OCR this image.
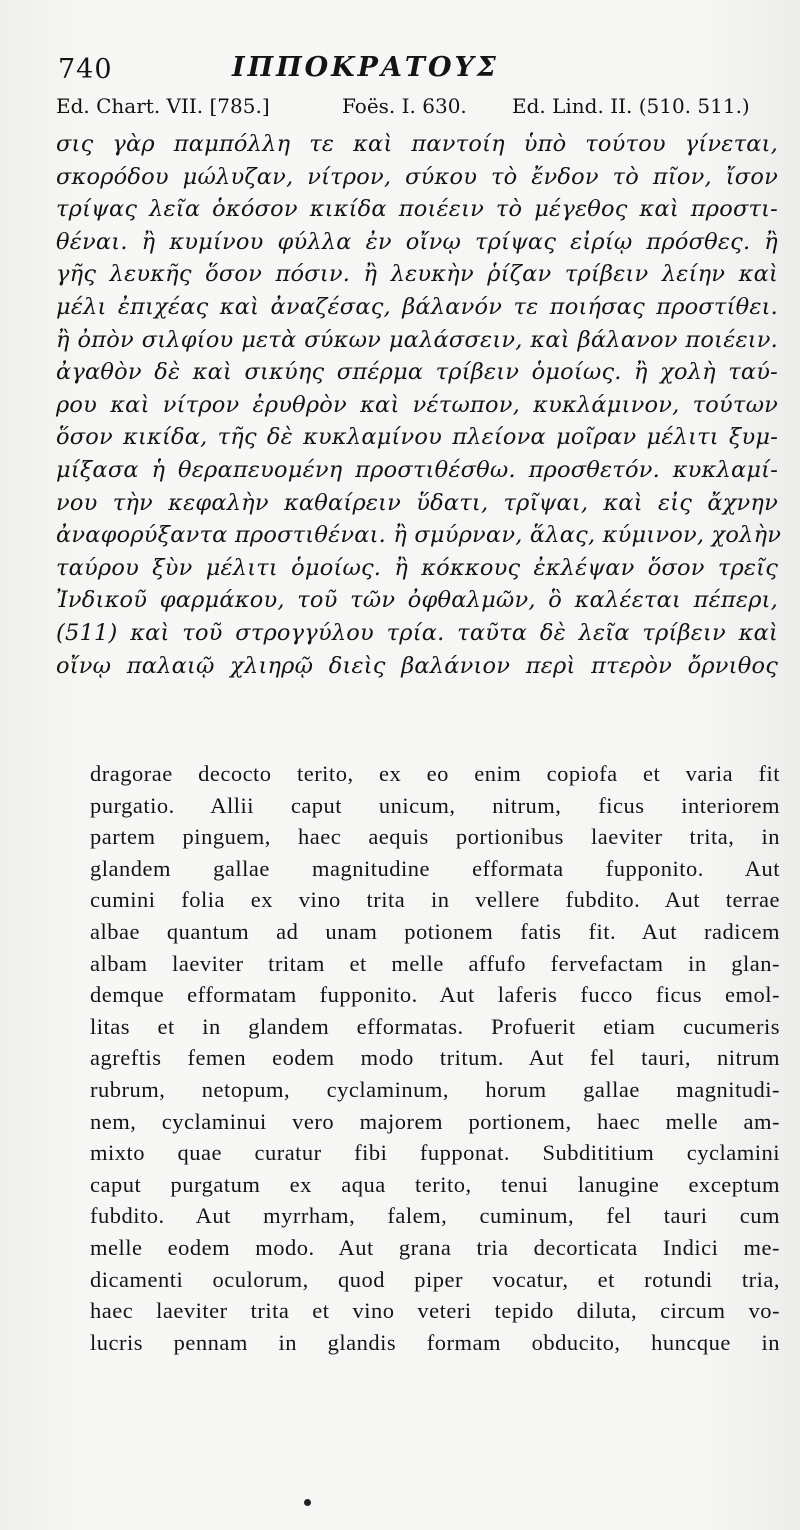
740	ΙΠΠΟΚΡΑΤΟΥΣ
Ed. Chart. VII. [785.]	Foës. I. 630. Ed. Lind. II. (510. 511.)
σις γὰρ παμπόλλη τε καὶ παντοίη ὑπὸ τούτου γίνεται,
σκορόδου μώλυζαν, νίτρον, σύκου τὸ ἔνδον τὸ πῖον, ἴσον
τρίψας λεῖα ὁκόσον κικίδα ποιέειν τὸ μέγεθος καὶ προστι-
θέναι. ἢ κυμίνου φύλλα ἐν οἴνῳ τρίψας εἰρίῳ πρόσθες. ἢ
γῆς λευκῆς ὅσον πόσιν. ἢ λευκὴν ῥίζαν τρίβειν λείην καὶ
μέλι ἐπιχέας καὶ ἀναζέσας, βάλανόν τε ποιήσας προστίθει.
ἢ ὀπὸν σιλφίου μετὰ σύκων μαλάσσειν, καὶ βάλανον ποιέειν.
ἀγαθὸν δὲ καὶ σικύης σπέρμα τρίβειν ὁμοίως. ἢ χολὴ ταύ-
ρου καὶ νίτρον ἐρυθρὸν καὶ νέτωπον, κυκλάμινον, τούτων
ὅσον κικίδα, τῆς δὲ κυκλαμίνου πλείονα μοῖραν μέλιτι ξυμ-
μίξασα ἡ θεραπευομένη προστιθέσθω. προσθετόν. κυκλαμί-
νου τὴν κεφαλὴν καθαίρειν ὕδατι, τρῖψαι, καὶ εἰς ἄχνην
ἀναφορύξαντα προστιθέναι. ἢ σμύρναν, ἅλας, κύμινον, χολὴν
ταύρου ξὺν μέλιτι ὁμοίως. ἢ κόκκους ἐκλέψαν ὅσον τρεῖς
Ἰνδικοῦ φαρμάκου, τοῦ τῶν ὀφθαλμῶν, ὃ καλέεται πέπερι,
(511) καὶ τοῦ στρογγύλου τρία. ταῦτα δὲ λεῖα τρίβειν καὶ
οἴνῳ παλαιῷ χλιηρῷ διεὶς βαλάνιον περὶ πτερὸν ὄρνιθος
dragorae decocto terito, ex eo enim copiofa et varia fit
purgatio. Allii caput unicum, nitrum, ficus interiorem
partem pinguem, haec aequis portionibus laeviter trita, in
glandem gallae magnitudine efformata fupponito. Aut
cumini folia ex vino trita in vellere fubdito. Aut terrae
albae quantum ad unam potionem fatis fit. Aut radicem
albam laeviter tritam et melle affufo fervefactam in glan-
demque efformatam fupponito. Aut laferis fucco ficus emol-
litas et in glandem efformatas. Profuerit etiam cucumeris
agreftis femen eodem modo tritum. Aut fel tauri, nitrum
rubrum, netopum, cyclaminum, horum gallae magnitudi-
nem, cyclaminui vero majorem portionem, haec melle am-
mixto quae curatur fibi fupponat. Subdititium cyclamini
caput purgatum ex aqua terito, tenui lanugine exceptum
fubdito. Aut myrrham, falem, cuminum, fel tauri cum
melle eodem modo. Aut grana tria decorticata Indici me-
dicamenti oculorum, quod piper vocatur, et rotundi tria,
haec laeviter trita et vino veteri tepido diluta, circum vo-
lucris pennam in glandis formam obducito, huncque in
